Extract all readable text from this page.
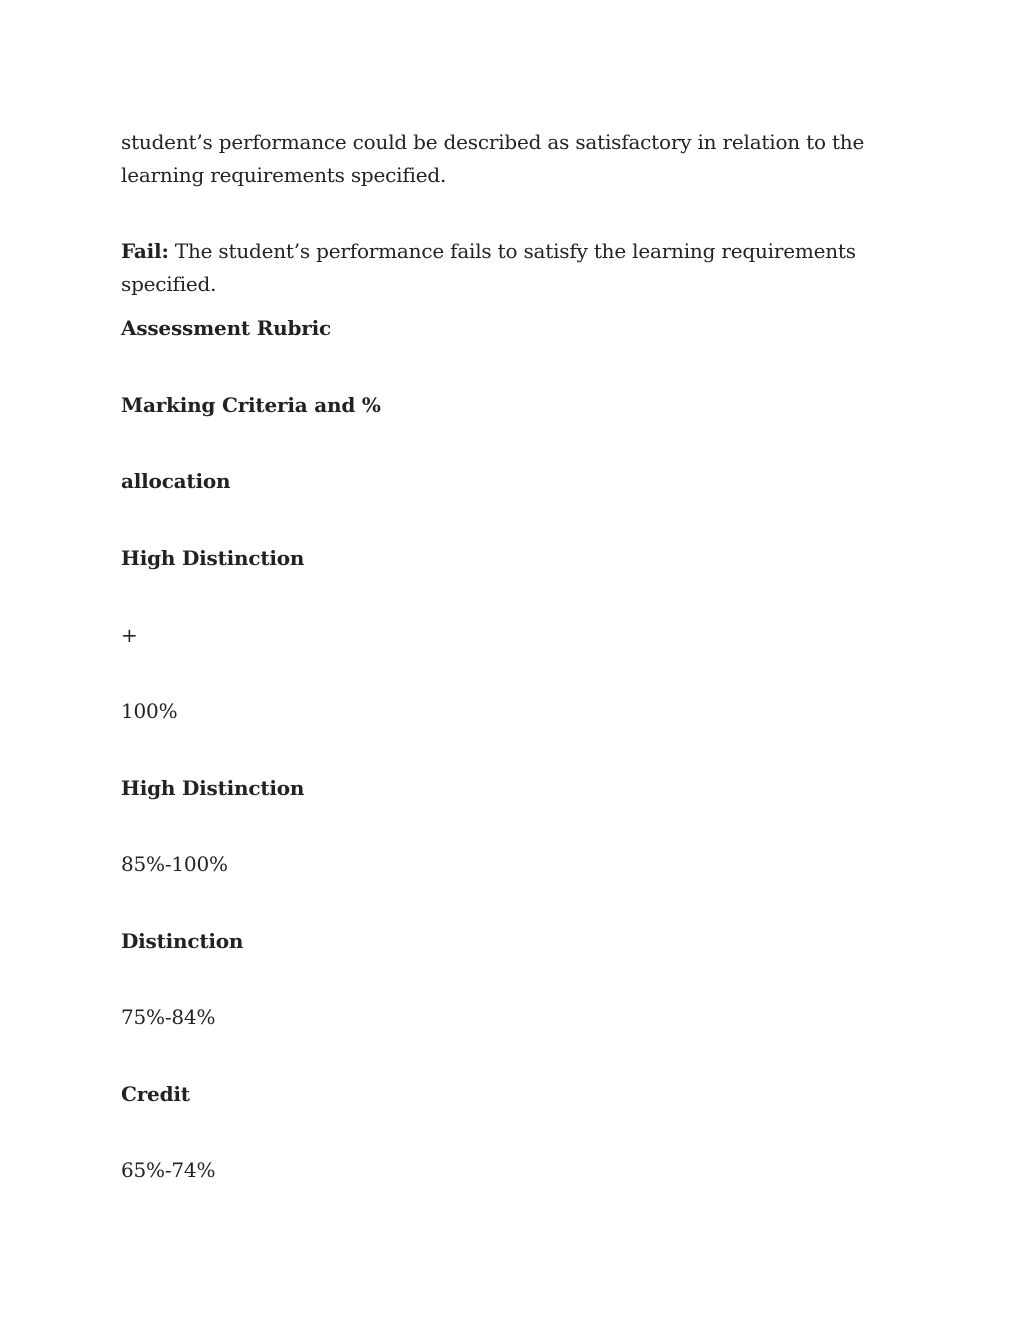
student’s performance could be described as satisfactory in relation to the learning requirements specified.

Fail: The student’s performance fails to satisfy the learning requirements specified.

Assessment Rubric

Marking Criteria and %

allocation

High Distinction

+

100%

High Distinction

85%-100%

Distinction

75%-84%

Credit

65%-74%
